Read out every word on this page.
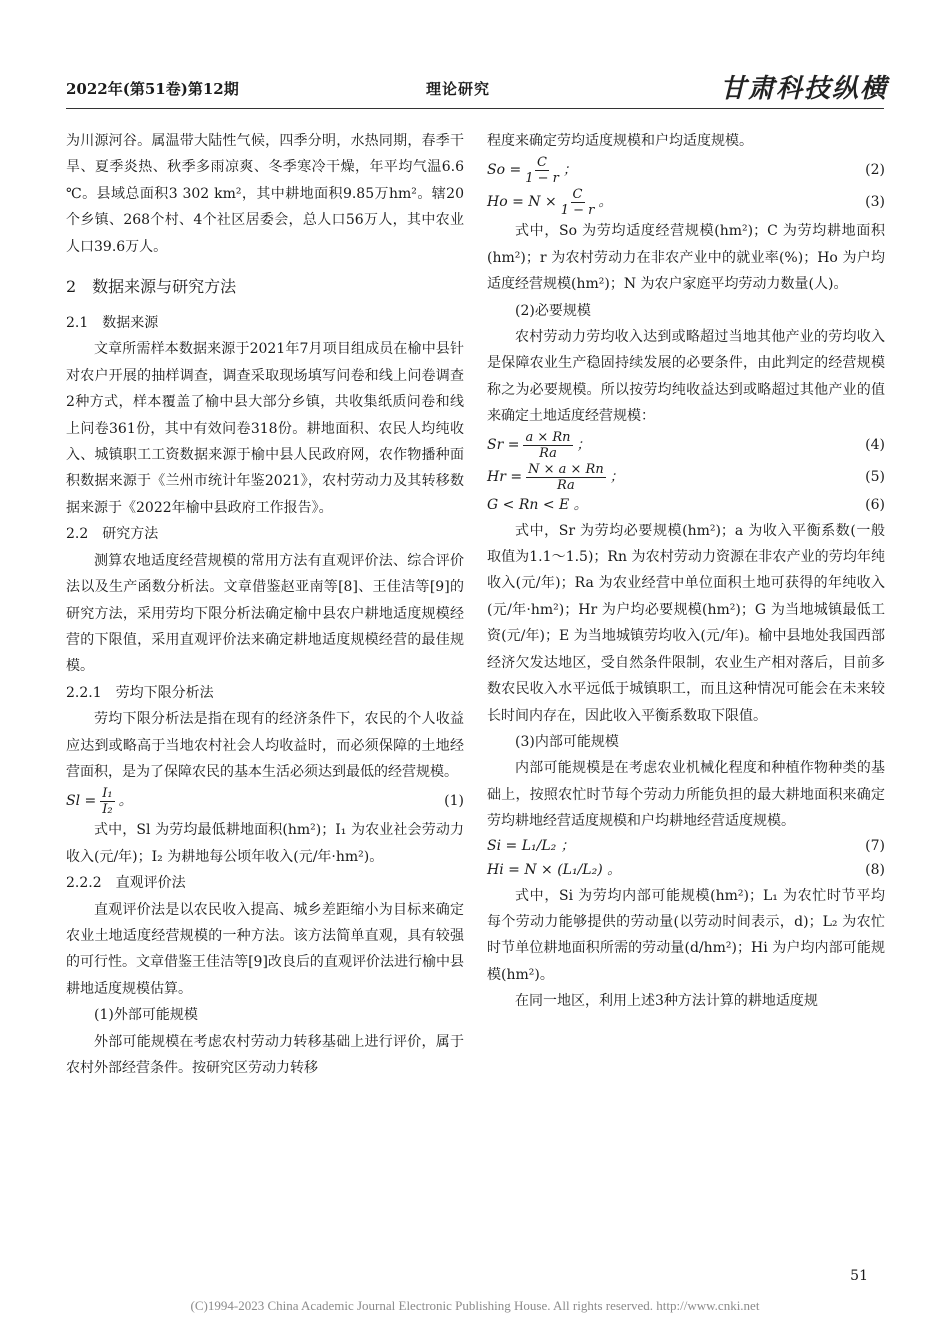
2022年(第51卷)第12期	理论研究	甘肃科技纵横

为川源河谷。属温带大陆性气候，四季分明，水热同期，春季干旱、夏季炎热、秋季多雨凉爽、冬季寒冷干燥，年平均气温6.6 ℃。县域总面积3 302 km²，其中耕地面积9.85万hm²。辖20个乡镇、268个村、4个社区居委会，总人口56万人，其中农业人口39.6万人。

2　数据来源与研究方法

2.1　数据来源

文章所需样本数据来源于2021年7月项目组成员在榆中县针对农户开展的抽样调查，调查采取现场填写问卷和线上问卷调查2种方式，样本覆盖了榆中县大部分乡镇，共收集纸质问卷和线上问卷361份，其中有效问卷318份。耕地面积、农民人均纯收入、城镇职工工资数据来源于榆中县人民政府网，农作物播种面积数据来源于《兰州市统计年鉴2021》，农村劳动力及其转移数据来源于《2022年榆中县政府工作报告》。

2.2　研究方法

测算农地适度经营规模的常用方法有直观评价法、综合评价法以及生产函数分析法。文章借鉴赵亚南等[8]、王佳洁等[9]的研究方法，采用劳均下限分析法确定榆中县农户耕地适度规模经营的下限值，采用直观评价法来确定耕地适度规模经营的最佳规模。

2.2.1　劳均下限分析法

劳均下限分析法是指在现有的经济条件下，农民的个人收益应达到或略高于当地农村社会人均收益时，而必须保障的土地经营面积，是为了保障农民的基本生活必须达到最低的经营规模。

$Sl = \frac{\text{I₁}}{\text{I₂}}$ 。	(1)

式中，Sl 为劳均最低耕地面积(hm²)；I₁ 为农业社会劳动力收入(元/年)；I₂ 为耕地每公顷年收入(元/年·hm²)。

2.2.2　直观评价法

直观评价法是以农民收入提高、城乡差距缩小为目标来确定农业土地适度经营规模的一种方法。该方法简单直观，具有较强的可行性。文章借鉴王佳洁等[9]改良后的直观评价法进行榆中县耕地适度规模估算。

(1)外部可能规模

外部可能规模在考虑农村劳动力转移基础上进行评价，属于农村外部经营条件。按研究区劳动力转移

程度来确定劳均适度规模和户均适度规模。

$So = \frac{C}{1 - r}$ ；	(2)
$Ho = N \times \frac{C}{1 - r}$ 。	(3)

式中，So 为劳均适度经营规模(hm²)；C 为劳均耕地面积(hm²)；r 为农村劳动力在非农产业中的就业率(%)；Ho 为户均适度经营规模(hm²)；N 为农户家庭平均劳动力数量(人)。

(2)必要规模

农村劳动力劳均收入达到或略超过当地其他产业的劳均收入是保障农业生产稳固持续发展的必要条件，由此判定的经营规模称之为必要规模。所以按劳均纯收益达到或略超过其他产业的值来确定土地适度经营规模：

$Sr = \frac{a \times Rn}{Ra}$ ；	(4)
$Hr = \frac{N \times a \times Rn}{Ra}$ ；	(5)
G < Rn < E 。	(6)

式中，Sr 为劳均必要规模(hm²)；a 为收入平衡系数(一般取值为1.1～1.5)；Rn 为农村劳动力资源在非农产业的劳均年纯收入(元/年)；Ra 为农业经营中单位面积土地可获得的年纯收入(元/年·hm²)；Hr 为户均必要规模(hm²)；G 为当地城镇最低工资(元/年)；E 为当地城镇劳均收入(元/年)。榆中县地处我国西部经济欠发达地区，受自然条件限制，农业生产相对落后，目前多数农民收入水平远低于城镇职工，而且这种情况可能会在未来较长时间内存在，因此收入平衡系数取下限值。

(3)内部可能规模

内部可能规模是在考虑农业机械化程度和种植作物种类的基础上，按照农忙时节每个劳动力所能负担的最大耕地面积来确定劳均耕地经营适度规模和户均耕地经营适度规模。

Si = L₁/L₂ ；	(7)
Hi = N × (L₁/L₂) 。	(8)

式中，Si 为劳均内部可能规模(hm²)；L₁ 为农忙时节平均每个劳动力能够提供的劳动量(以劳动时间表示，d)；L₂ 为农忙时节单位耕地面积所需的劳动量(d/hm²)；Hi 为户均内部可能规模(hm²)。

在同一地区，利用上述3种方法计算的耕地适度规

51
(C)1994-2023 China Academic Journal Electronic Publishing House. All rights reserved. http://www.cnki.net
